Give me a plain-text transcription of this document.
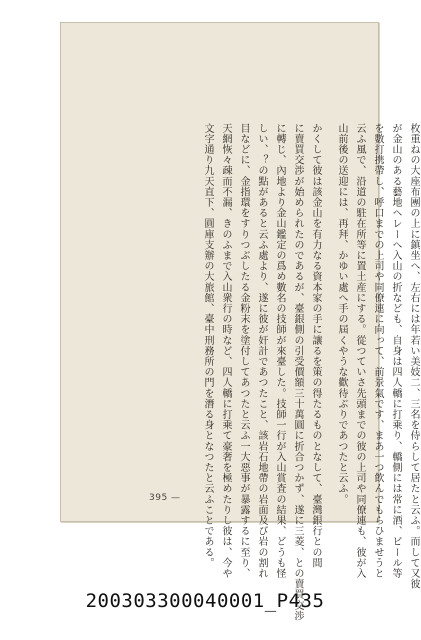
枚重ねの大座布團の上に鎮坐へ、左右には年若い美妓二、三名を侍らして居たと云ふ。而して又彼
が金山のある藝地ヘレーへ入山の折なども、自身は四人轎に打乘り、轎側には常に酒、ビール等
を數打携帶し、呼口までの上司や同僚連に向って、前景氣です、まあ一つ飲んでもらひませうと
云ふ風で、沿道の駐在所等に置土産にする。從つていさ先頭までの彼の上司や同僚連も、彼が入
山前後の送迎には、再拜、かゆい處へ手の屆くやうな歡待ぶりであつたと云ふ。
かくして彼は該金山を有力なる資本家の手に讓るを策の得たるものとなして、臺灣銀行との間
に賣買交渉が始められたのであるが、臺銀側の引受價額三十萬圓に折合つかず、遂に三菱、との賣買交渉
に轉じ、內地より金山鑑定の爲め數名の技師が來臺した。技師一行が入山賞査の結果、どうも怪
しい、？の點があると云ふ處より、遂に彼が奸計であつたこと、該岩石地帶の岩面及び岩の割れ
目などに、金指環をすりつぶしたる金粉末を塗付してあつたと云ふ一大惡事が暴露するに至り、
天網恢々疎而不漏、きのふまで入山衆行の時など、四人轎に打乘て豪奢を極めたりし彼は、今や
文字通り九天直下、圓庫支辦の大旅館、臺中刑務所の門を潛る身となつたと云ふことである。
395 —
200303300040001_P435
